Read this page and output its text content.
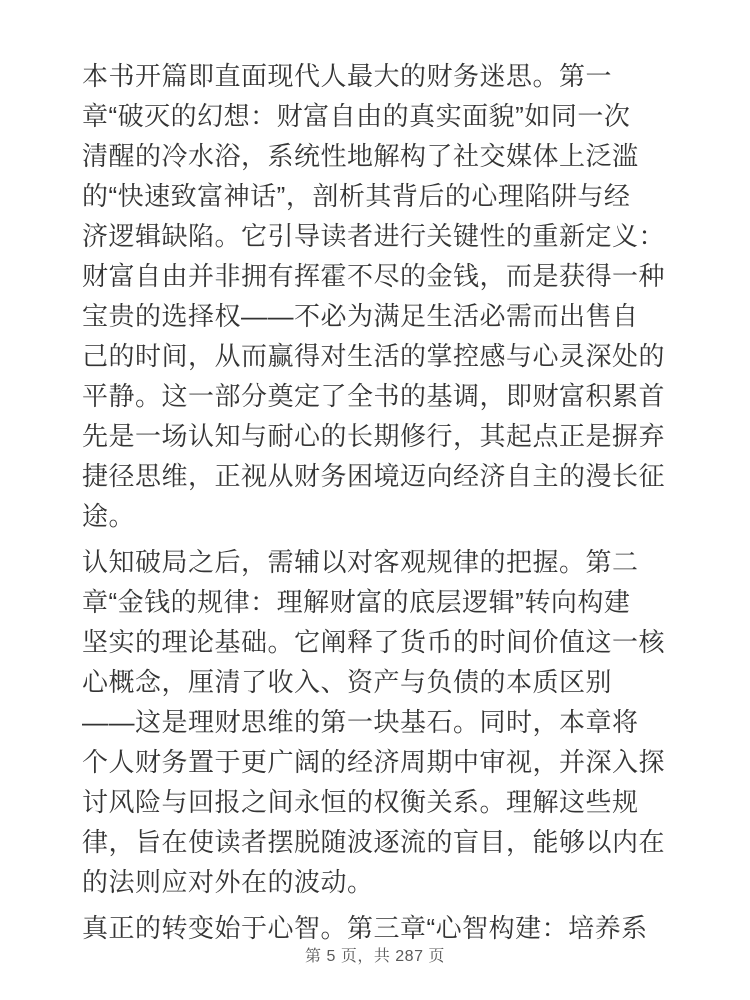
本书开篇即直面现代人最大的财务迷思。第一
章“破灭的幻想：财富自由的真实面貌”如同一次
清醒的冷水浴，系统性地解构了社交媒体上泛滥
的“快速致富神话”，剖析其背后的心理陷阱与经
济逻辑缺陷。它引导读者进行关键性的重新定义：
财富自由并非拥有挥霍不尽的金钱，而是获得一种
宝贵的选择权——不必为满足生活必需而出售自
己的时间，从而赢得对生活的掌控感与心灵深处的
平静。这一部分奠定了全书的基调，即财富积累首
先是一场认知与耐心的长期修行，其起点正是摒弃
捷径思维，正视从财务困境迈向经济自主的漫长征
途。
认知破局之后，需辅以对客观规律的把握。第二
章“金钱的规律：理解财富的底层逻辑”转向构建
坚实的理论基础。它阐释了货币的时间价值这一核
心概念，厘清了收入、资产与负债的本质区别
——这是理财思维的第一块基石。同时，本章将
个人财务置于更广阔的经济周期中审视，并深入探
讨风险与回报之间永恒的权衡关系。理解这些规
律，旨在使读者摆脱随波逐流的盲目，能够以内在
的法则应对外在的波动。
真正的转变始于心智。第三章“心智构建：培养系
第 5 页，共 287 页
